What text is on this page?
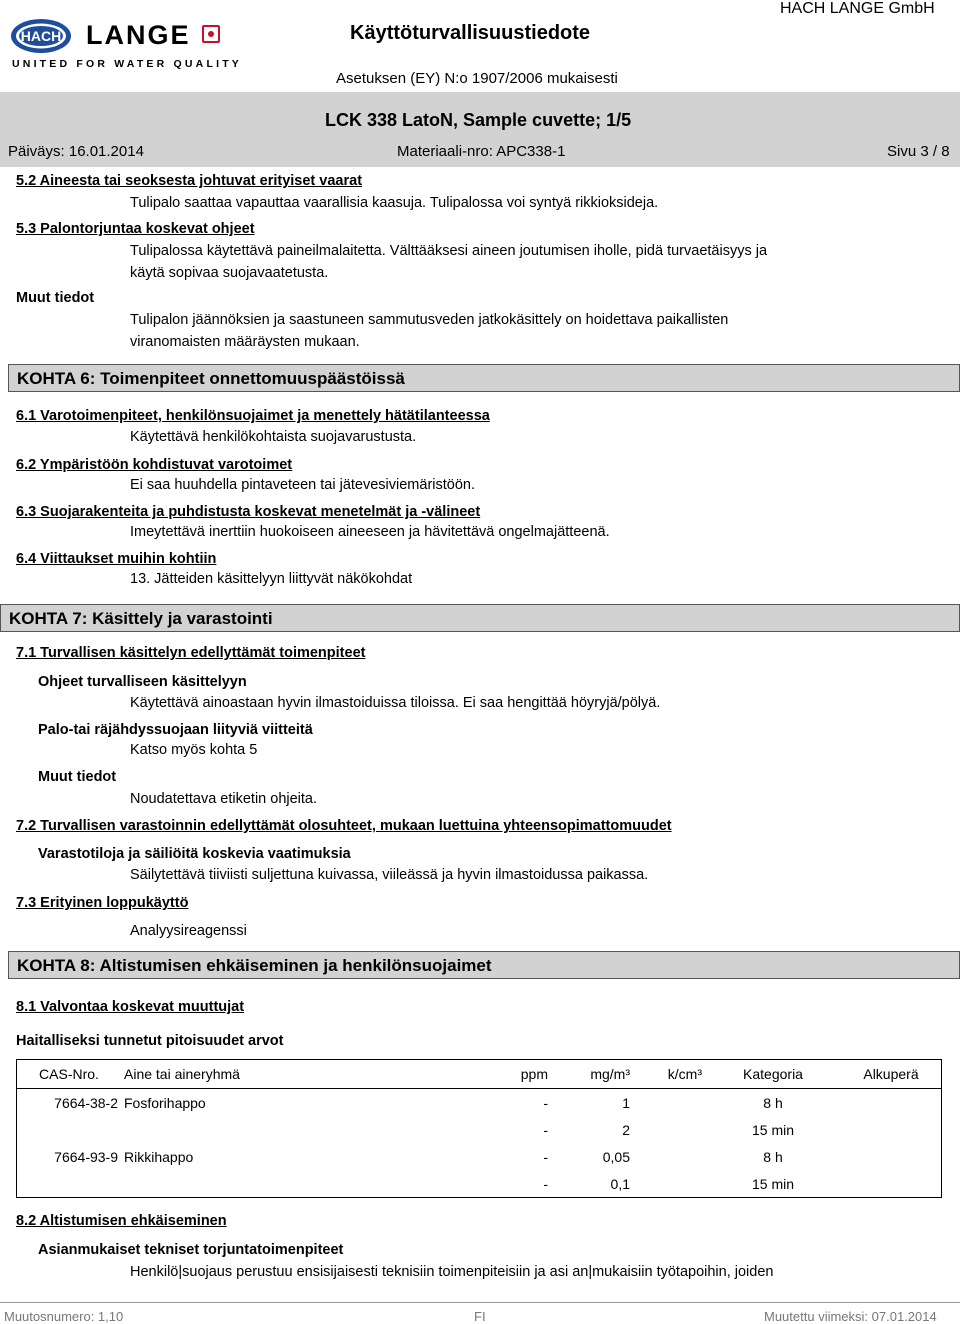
HACH LANGE
UNITED FOR WATER QUALITY
Käyttöturvallisuustiedote
HACH LANGE GmbH
Asetuksen (EY) N:o 1907/2006 mukaisesti
LCK 338 LatoN, Sample cuvette; 1/5
Päiväys: 16.01.2014	Materiaali-nro: APC338-1	Sivu 3 / 8
5.2 Aineesta tai seoksesta johtuvat erityiset vaarat
Tulipalo saattaa vapauttaa vaarallisia kaasuja. Tulipalossa voi syntyä rikkioksideja.
5.3 Palontorjuntaa koskevat ohjeet
Tulipalossa käytettävä paineilmalaitetta. Välttääksesi aineen joutumisen iholle, pidä turvaetäisyys ja
käytä sopivaa suojavaatetusta.
Muut tiedot
Tulipalon jäännöksien ja saastuneen sammutusveden jatkokäsittely on hoidettava paikallisten
viranomaisten määräysten mukaan.
KOHTA 6: Toimenpiteet onnettomuuspäästöissä
6.1 Varotoimenpiteet, henkilönsuojaimet ja menettely hätätilanteessa
Käytettävä henkilökohtaista suojavarustusta.
6.2 Ympäristöön kohdistuvat varotoimet
Ei saa huuhdella pintaveteen tai jätevesiviemäristöön.
6.3 Suojarakenteita ja puhdistusta koskevat menetelmät ja -välineet
Imeytettävä inerttiin huokoiseen aineeseen ja hävitettävä ongelmajätteenä.
6.4 Viittaukset muihin kohtiin
13. Jätteiden käsittelyyn liittyvät näkökohdat
KOHTA 7: Käsittely ja varastointi
7.1 Turvallisen käsittelyn edellyttämät toimenpiteet
Ohjeet turvalliseen käsittelyyn
Käytettävä ainoastaan hyvin ilmastoiduissa tiloissa. Ei saa hengittää höyryjä/pölyä.
Palo-tai räjähdyssuojaan liityviä viitteitä
Katso myös kohta 5
Muut tiedot
Noudatettava etiketin ohjeita.
7.2 Turvallisen varastoinnin edellyttämät olosuhteet, mukaan luettuina yhteensopimattomuudet
Varastotiloja ja säiliöitä koskevia vaatimuksia
Säilytettävä tiiviisti suljettuna kuivassa, viileässä ja hyvin ilmastoidussa paikassa.
7.3 Erityinen loppukäyttö
Analyysireagenssi
KOHTA 8: Altistumisen ehkäiseminen ja henkilönsuojaimet
8.1 Valvontaa koskevat muuttujat
Haitalliseksi tunnetut pitoisuudet arvot
CAS-Nro.	Aine tai aineryhmä	ppm	mg/m³	k/cm³	Kategoria	Alkuperä
7664-38-2	Fosforihappo	-	1		8 h	
		-	2		15 min	
7664-93-9	Rikkihappo	-	0,05		8 h	
		-	0,1		15 min	
8.2 Altistumisen ehkäiseminen
Asianmukaiset tekniset torjuntatoimenpiteet
Henkilö|suojaus perustuu ensisijaisesti teknisiin toimenpiteisiin ja asi an|mukaisiin työtapoihin, joiden
Muutosnumero: 1,10	FI	Muutettu viimeksi: 07.01.2014
